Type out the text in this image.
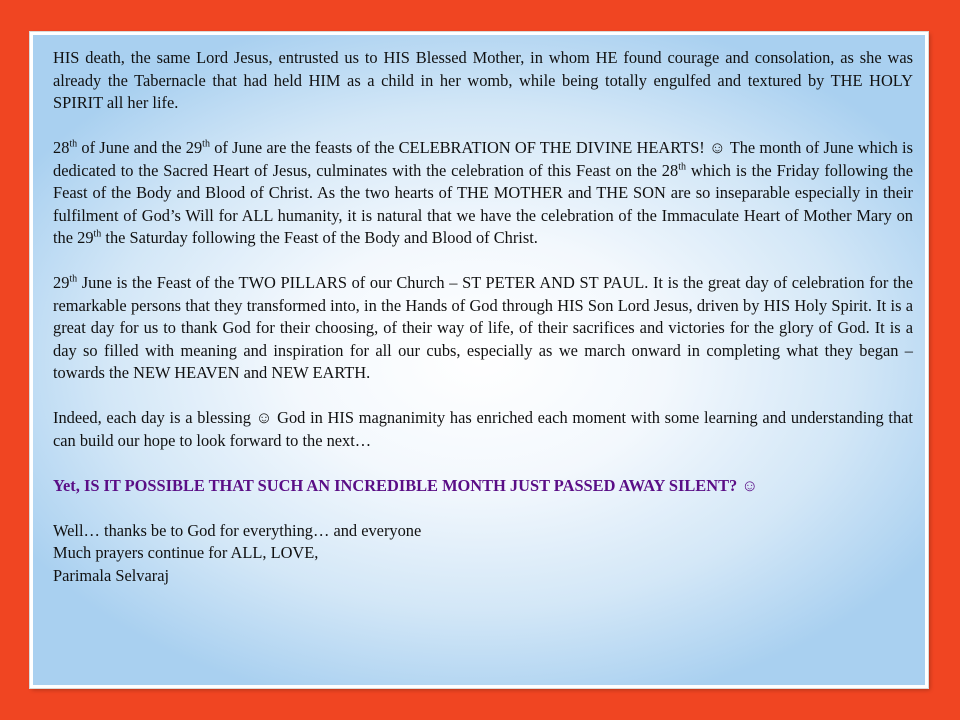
HIS death, the same Lord Jesus, entrusted us to HIS Blessed Mother, in whom HE found courage and consolation, as she was already the Tabernacle that had held HIM as a child in her womb, while being totally engulfed and textured by THE HOLY SPIRIT all her life.

28th of June and the 29th of June are the feasts of the CELEBRATION OF THE DIVINE HEARTS! ☺ The month of June which is dedicated to the Sacred Heart of Jesus, culminates with the celebration of this Feast on the 28th which is the Friday following the Feast of the Body and Blood of Christ. As the two hearts of THE MOTHER and THE SON are so inseparable especially in their fulfilment of God’s Will for ALL humanity, it is natural that we have the celebration of the Immaculate Heart of Mother Mary on the 29th the Saturday following the Feast of the Body and Blood of Christ.

29th June is the Feast of the TWO PILLARS of our Church – ST PETER AND ST PAUL. It is the great day of celebration for the remarkable persons that they transformed into, in the Hands of God through HIS Son Lord Jesus, driven by HIS Holy Spirit. It is a great day for us to thank God for their choosing, of their way of life, of their sacrifices and victories for the glory of God. It is a day so filled with meaning and inspiration for all our cubs, especially as we march onward in completing what they began – towards the NEW HEAVEN and NEW EARTH.

Indeed, each day is a blessing ☺ God in HIS magnanimity has enriched each moment with some learning and understanding that can build our hope to look forward to the next…

Yet, IS IT POSSIBLE THAT SUCH AN INCREDIBLE MONTH JUST PASSED AWAY SILENT? ☺

Well… thanks be to God for everything… and everyone
Much prayers continue for ALL, LOVE,
Parimala Selvaraj
